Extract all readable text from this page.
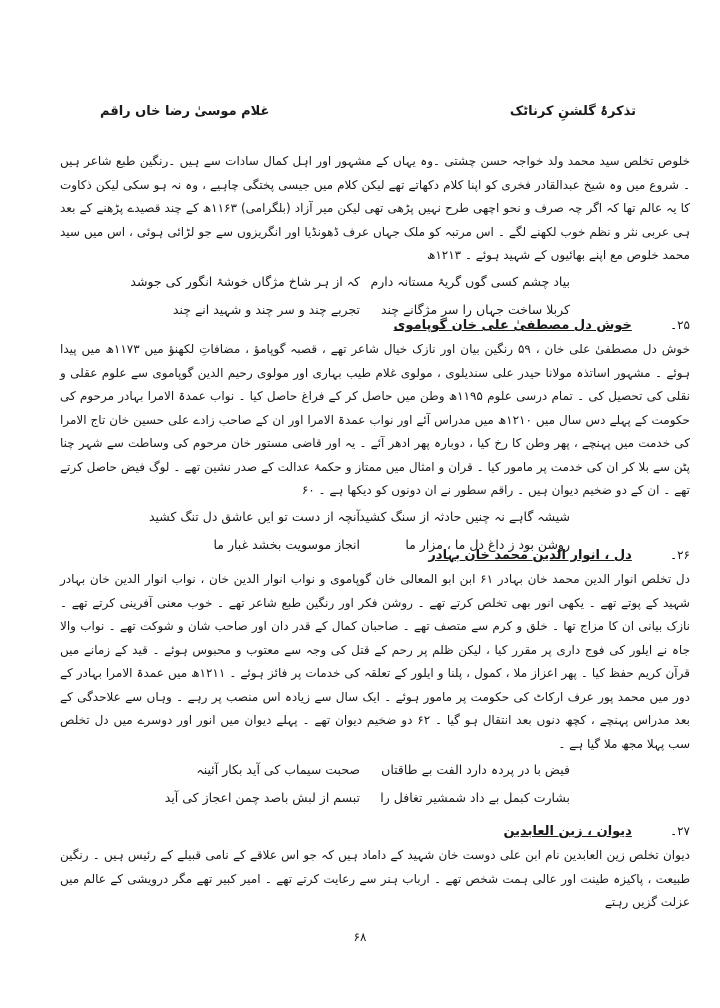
تذکرۂ گلشنِ کرناٹک
غلام موسیٰ رضا خاں راقم

خلوص تخلص سید محمد ولد خواجہ حسن چشتی ۔وہ یہاں کے مشہور اور اہل کمال سادات سے ہیں ۔رنگین طبع شاعر ہیں ۔ شروع میں وہ شیخ عبدالقادر فخری کو اپنا کلام دکھاتے تھے لیکن کلام میں جیسی پختگی چاہیے ، وہ نہ ہو سکی لیکن ذکاوت کا یہ عالم تھا کہ اگر چہ صرف و نحو اچھی طرح نہیں پڑھی تھی لیکن میر آزاد (بلگرامی) ۱۱۶۳ھ کے چند قصیدے پڑھنے کے بعد ہی عربی نثر و نظم خوب لکھنے لگے ۔ اس مرتبہ کو ملک جہاں عرف ڈھونڈیا اور انگریزوں سے جو لڑائی ہوئی ، اس میں سید محمد خلوص مع اپنے بھائیوں کے شہید ہوئے ۔ ۱۲۱۳ھ

بیاد چشم کسی گوں گریۂ مستانہ دارمکہ از ہر شاخ مژگاں خوشۂ انگور کی جوشد
کربلا ساخت جہاں را سر مژگانے چندتجربے چند و سر چند و شہید انے چند
۲۵۔ خوش دل مصطفیٰ علی خان گوپاموی

خوش دل مصطفیٰ علی خان ، ۵۹ رنگین بیان اور نازک خیال شاعر تھے ، قصبہ گوپامؤ ، مضافاتِ لکھنؤ میں ۱۱۷۳ھ میں پیدا ہوئے ۔ مشہور اساتذہ مولانا حیدر علی سندیلوی ، مولوی غلام طیب بہاری اور مولوی رحیم الدین گوپاموی سے علوم عقلی و نقلی کی تحصیل کی ۔ تمام درسی علوم ۱۱۹۵ھ وطن میں حاصل کر کے فراغ حاصل کیا ۔ نواب عمدۃ الامرا بہادر مرحوم کی حکومت کے پہلے دس سال میں ۱۲۱۰ھ میں مدراس آئے اور نواب عمدۃ الامرا اور ان کے صاحب زادے علی حسین خان تاج الامرا کی خدمت میں پہنچے ، پھر وطن کا رخ کیا ، دوبارہ پھر ادھر آئے ۔ یہ اور قاضی مستور خان مرحوم کی وساطت سے شہر چنا پٹن سے بلا کر ان کی خدمت پر مامور کیا ۔ قران و امثال میں ممتاز و حکمۂ عدالت کے صدر نشین تھے ۔ لوگ فیض حاصل کرتے تھے ۔ ان کے دو ضخیم دیوان ہیں ۔ راقم سطور نے ان دونوں کو دیکھا ہے ۔ ۶۰

شیشہ گاہے نہ چنیں حادثہ از سنگ کشیدآنچہ از دست تو ایں عاشق دل تنگ کشید
روشن بود ز داغ دل ما ، مزار ماانجاز موسویت بخشد غبار ما
۲۶۔ دل ، انوار الدین محمد خان بہادر

دل تخلص انوار الدین محمد خان بہادر ۶۱ ابن ابو المعالی خان گوپاموی و نواب انوار الدین خان ، نواب انوار الدین خان بہادر شہید کے پوتے تھے ۔ یکھی انور بھی تخلص کرتے تھے ۔ روشن فکر اور رنگین طبع شاعر تھے ۔ خوب معنی آفرینی کرتے تھے ۔ نازک بیانی ان کا مزاج تھا ۔ خلق و کرم سے متصف تھے ۔ صاحبان کمال کے قدر دان اور صاحب شان و شوکت تھے ۔ نواب والا جاہ نے ایلور کی فوج داری پر مقرر کیا ، لیکن ظلم پر رحم کے قتل کی وجہ سے معتوب و محبوس ہوئے ۔ قید کے زمانے میں قرآن کریم حفظ کیا ۔ پھر اعزاز ملا ، کمول ، پلنا و ایلور کے تعلقہ کی خدمات پر فائز ہوئے ۔ ۱۲۱۱ھ میں عمدۃ الامرا بہادر کے دور میں محمد پور عرف ارکاٹ کی حکومت پر مامور ہوئے ۔ ایک سال سے زیادہ اس منصب پر رہے ۔ وہاں سے علاحدگی کے بعد مدراس پہنچے ، کچھ دنوں بعد انتقال ہو گیا ۔ ۶۲ دو ضخیم دیوان تھے ۔ پہلے دیوان میں انور اور دوسرے میں دل تخلص سب پہلا مجھ ملا گیا ہے ۔

فیض با در پردہ دارد الفت بے طاقتاںصحبت سیماب کی آید بکار آئینہ
بشارت کبمل بے داد شمشیر تغافل راتبسم از لبش باصد چمن اعجاز کی آید
۲۷۔ دیوان ، زین العابدین

دیوان تخلص زین العابدین نام ابن علی دوست خان شہید کے داماد ہیں کہ جو اس علاقے کے نامی قبیلے کے رئیس ہیں ۔ رنگین طبیعت ، پاکیزہ طینت اور عالی ہمت شخص تھے ۔ ارباب ہنر سے رعایت کرتے تھے ۔ امیر کبیر تھے مگر درویشی کے عالم میں عزلت گزیں رہتے

۶۸
